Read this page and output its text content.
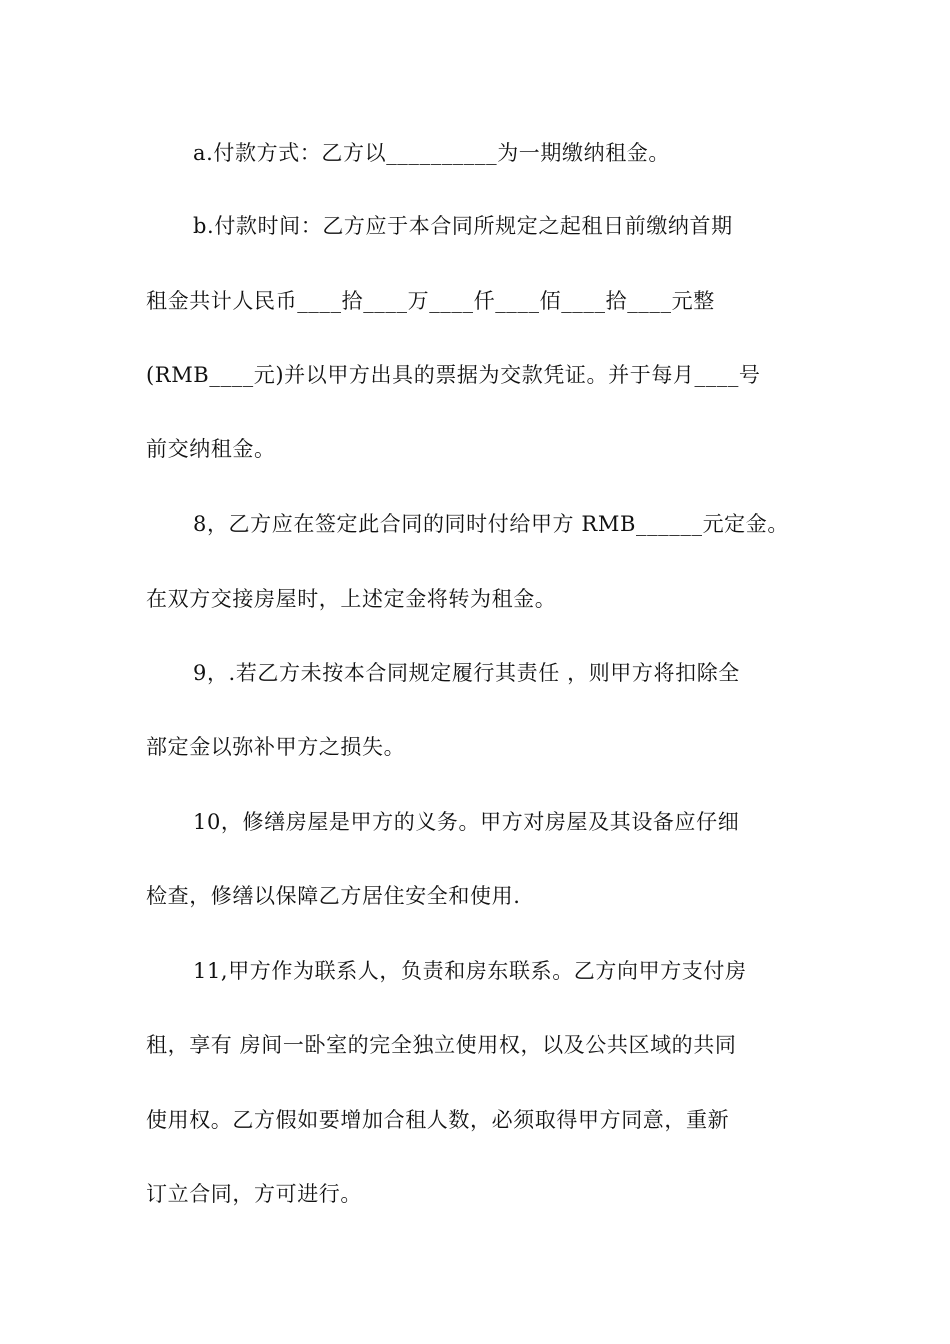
a.付款方式：乙方以__________为一期缴纳租金。
b.付款时间：乙方应于本合同所规定之起租日前缴纳首期
租金共计人民币____拾____万____仟____佰____拾____元整
(RMB____元)并以甲方出具的票据为交款凭证。并于每月____号
前交纳租金。
8，乙方应在签定此合同的同时付给甲方 RMB______元定金。
在双方交接房屋时，上述定金将转为租金。
9，.若乙方未按本合同规定履行其责任 ，则甲方将扣除全
部定金以弥补甲方之损失。
10，修缮房屋是甲方的义务。甲方对房屋及其设备应仔细
检查，修缮以保障乙方居住安全和使用.
11,甲方作为联系人，负责和房东联系。乙方向甲方支付房
租，享有 房间一卧室的完全独立使用权，以及公共区域的共同
使用权。乙方假如要增加合租人数，必须取得甲方同意，重新
订立合同，方可进行。
